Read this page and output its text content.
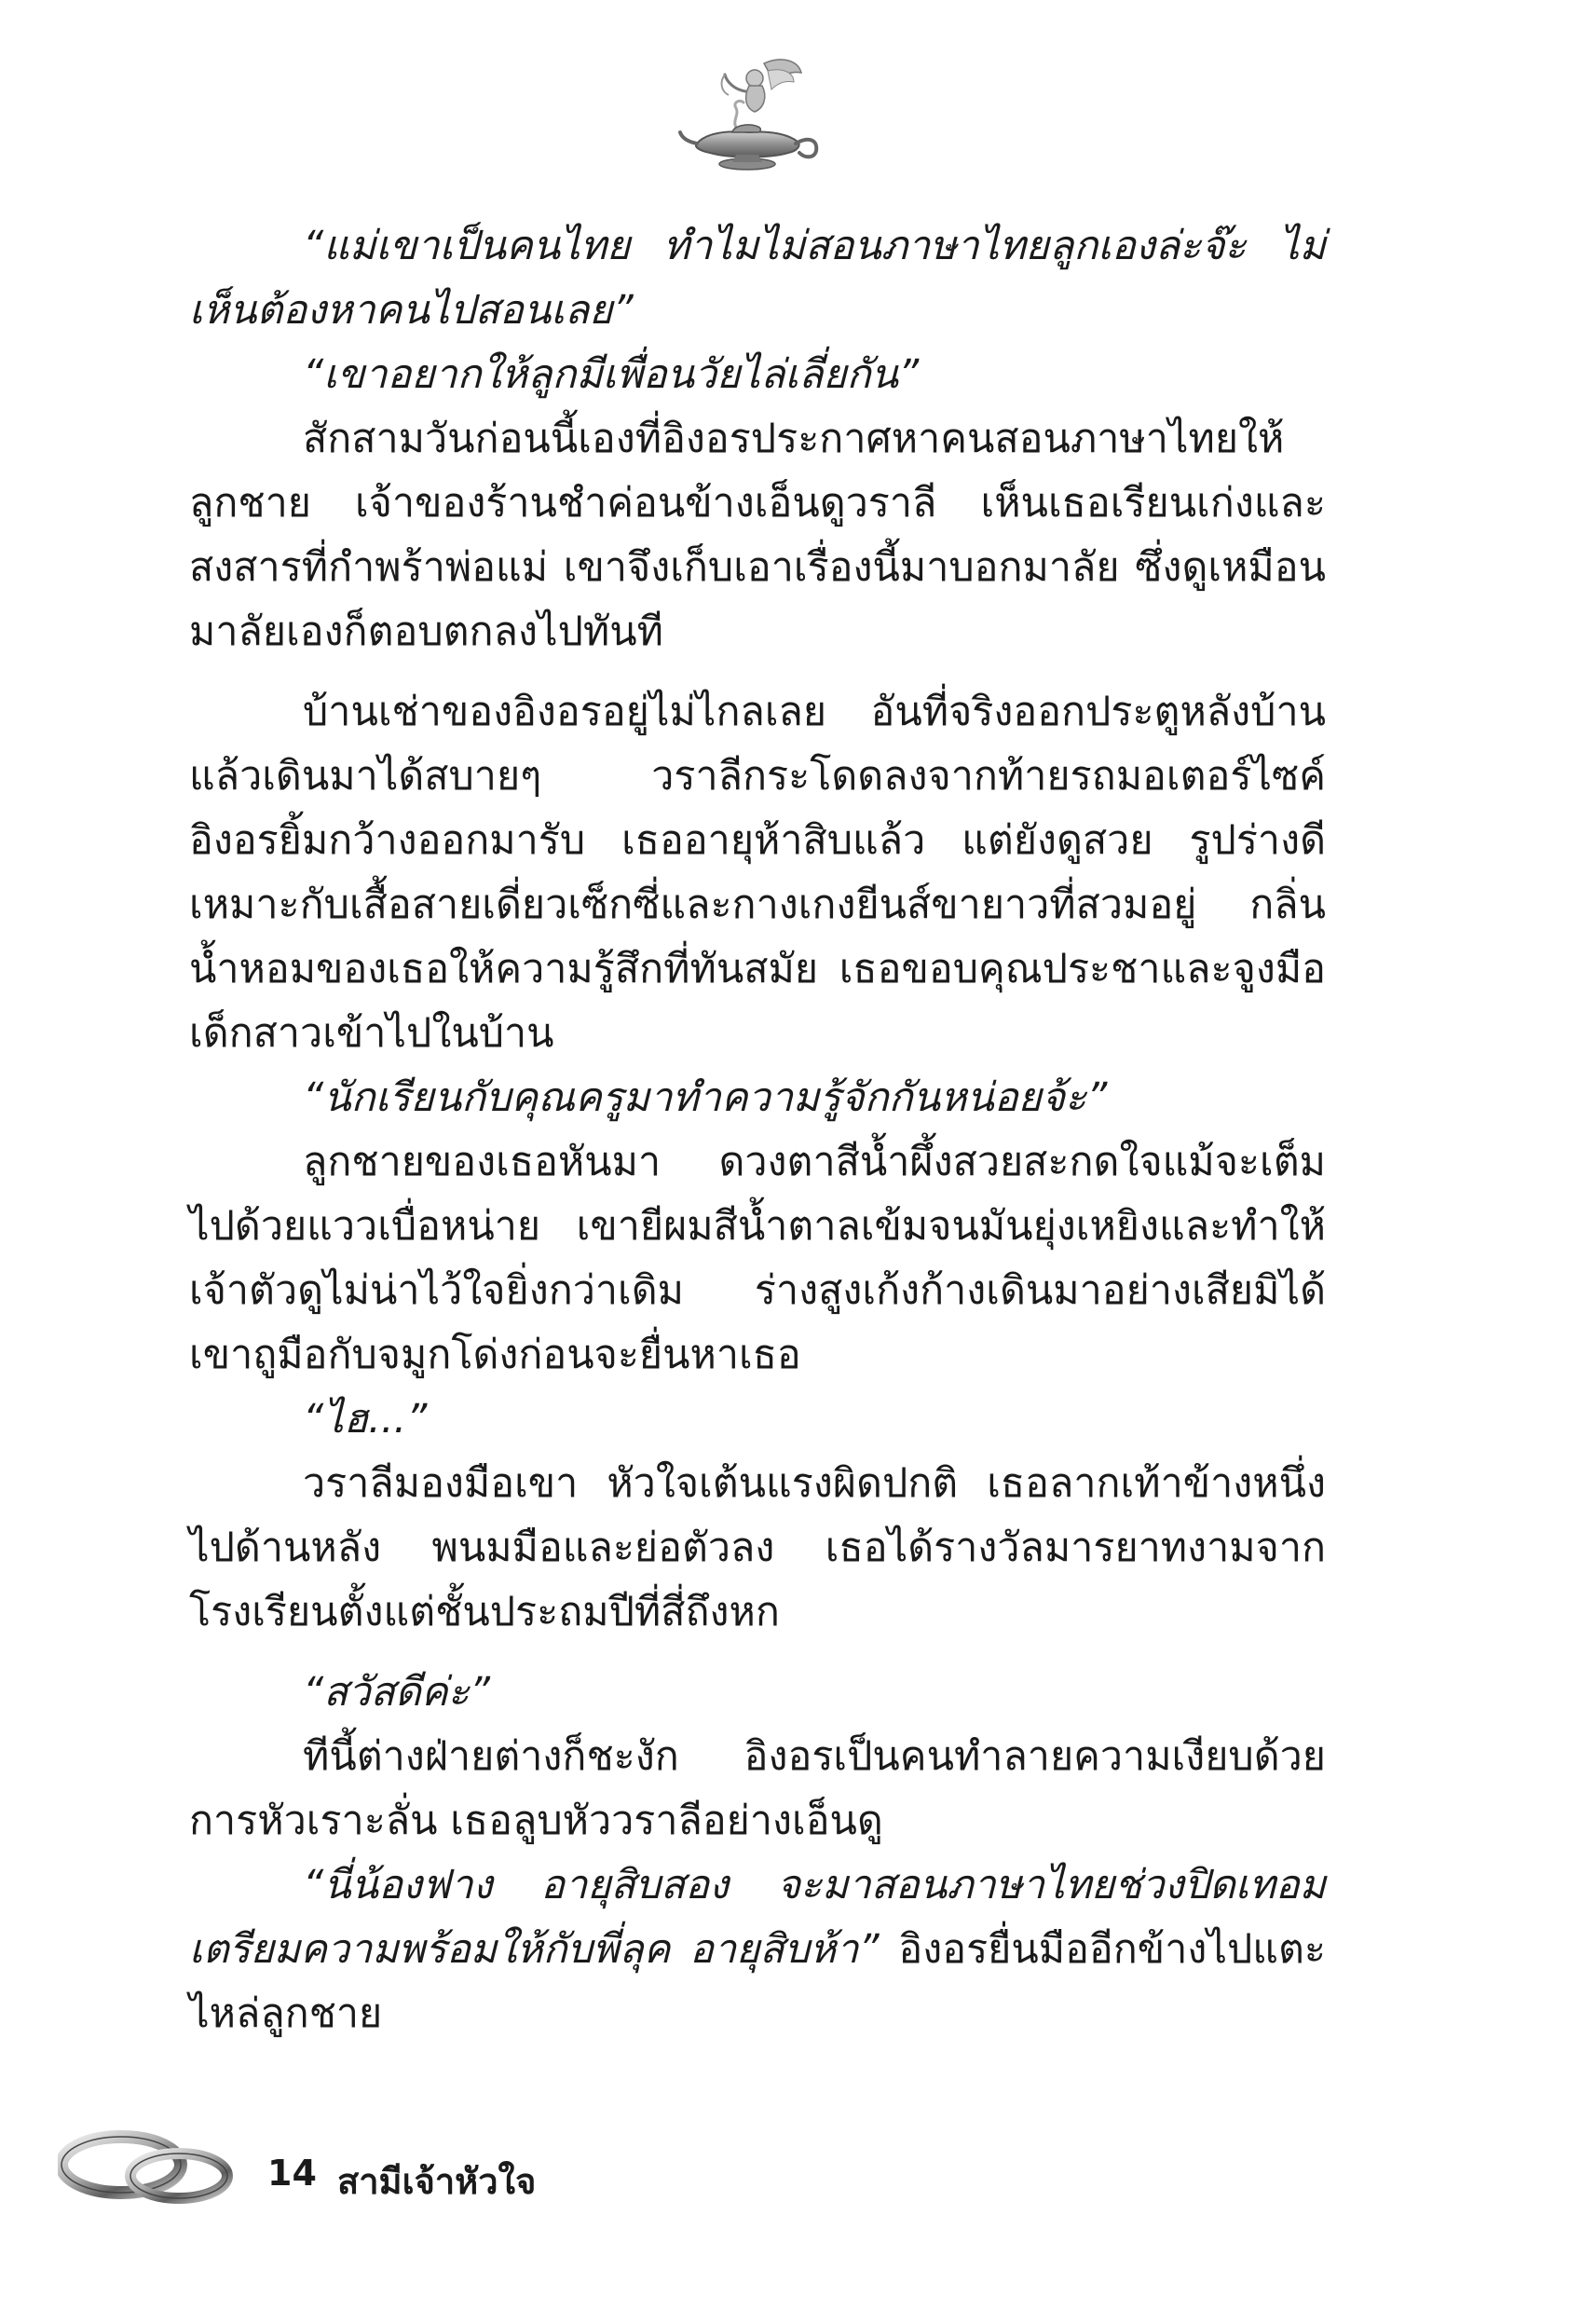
“แม่เขาเป็นคนไทย ทำไมไม่สอนภาษาไทยลูกเองล่ะจ๊ะ ไม่เห็นต้องหาคนไปสอนเลย”

“เขาอยากให้ลูกมีเพื่อนวัยไล่เลี่ยกัน”

สักสามวันก่อนนี้เองที่อิงอรประกาศหาคนสอนภาษาไทยให้ลูกชาย เจ้าของร้านชำค่อนข้างเอ็นดูวราลี เห็นเธอเรียนเก่งและสงสารที่กำพร้าพ่อแม่ เขาจึงเก็บเอาเรื่องนี้มาบอกมาลัย ซึ่งดูเหมือนมาลัยเองก็ตอบตกลงไปทันที

บ้านเช่าของอิงอรอยู่ไม่ไกลเลย อันที่จริงออกประตูหลังบ้านแล้วเดินมาได้สบายๆ วราลีกระโดดลงจากท้ายรถมอเตอร์ไซค์ อิงอรยิ้มกว้างออกมารับ เธออายุห้าสิบแล้ว แต่ยังดูสวย รูปร่างดี เหมาะกับเสื้อสายเดี่ยวเซ็กซี่และกางเกงยีนส์ขายาวที่สวมอยู่ กลิ่นน้ำหอมของเธอให้ความรู้สึกที่ทันสมัย เธอขอบคุณประชาและจูงมือเด็กสาวเข้าไปในบ้าน

“นักเรียนกับคุณครูมาทำความรู้จักกันหน่อยจ้ะ”

ลูกชายของเธอหันมา ดวงตาสีน้ำผึ้งสวยสะกดใจแม้จะเต็มไปด้วยแววเบื่อหน่าย เขายีผมสีน้ำตาลเข้มจนมันยุ่งเหยิงและทำให้เจ้าตัวดูไม่น่าไว้ใจยิ่งกว่าเดิม ร่างสูงเก้งก้างเดินมาอย่างเสียมิได้ เขาถูมือกับจมูกโด่งก่อนจะยื่นหาเธอ

“ไฮ...”

วราลีมองมือเขา หัวใจเต้นแรงผิดปกติ เธอลากเท้าข้างหนึ่งไปด้านหลัง พนมมือและย่อตัวลง เธอได้รางวัลมารยาทงามจากโรงเรียนตั้งแต่ชั้นประถมปีที่สี่ถึงหก

“สวัสดีค่ะ”

ทีนี้ต่างฝ่ายต่างก็ชะงัก อิงอรเป็นคนทำลายความเงียบด้วยการหัวเราะลั่น เธอลูบหัววราลีอย่างเอ็นดู

“นี่น้องฟาง อายุสิบสอง จะมาสอนภาษาไทยช่วงปิดเทอม เตรียมความพร้อมให้กับพี่ลุค อายุสิบห้า” อิงอรยื่นมืออีกข้างไปแตะไหล่ลูกชาย

14 สามีเจ้าหัวใจ
